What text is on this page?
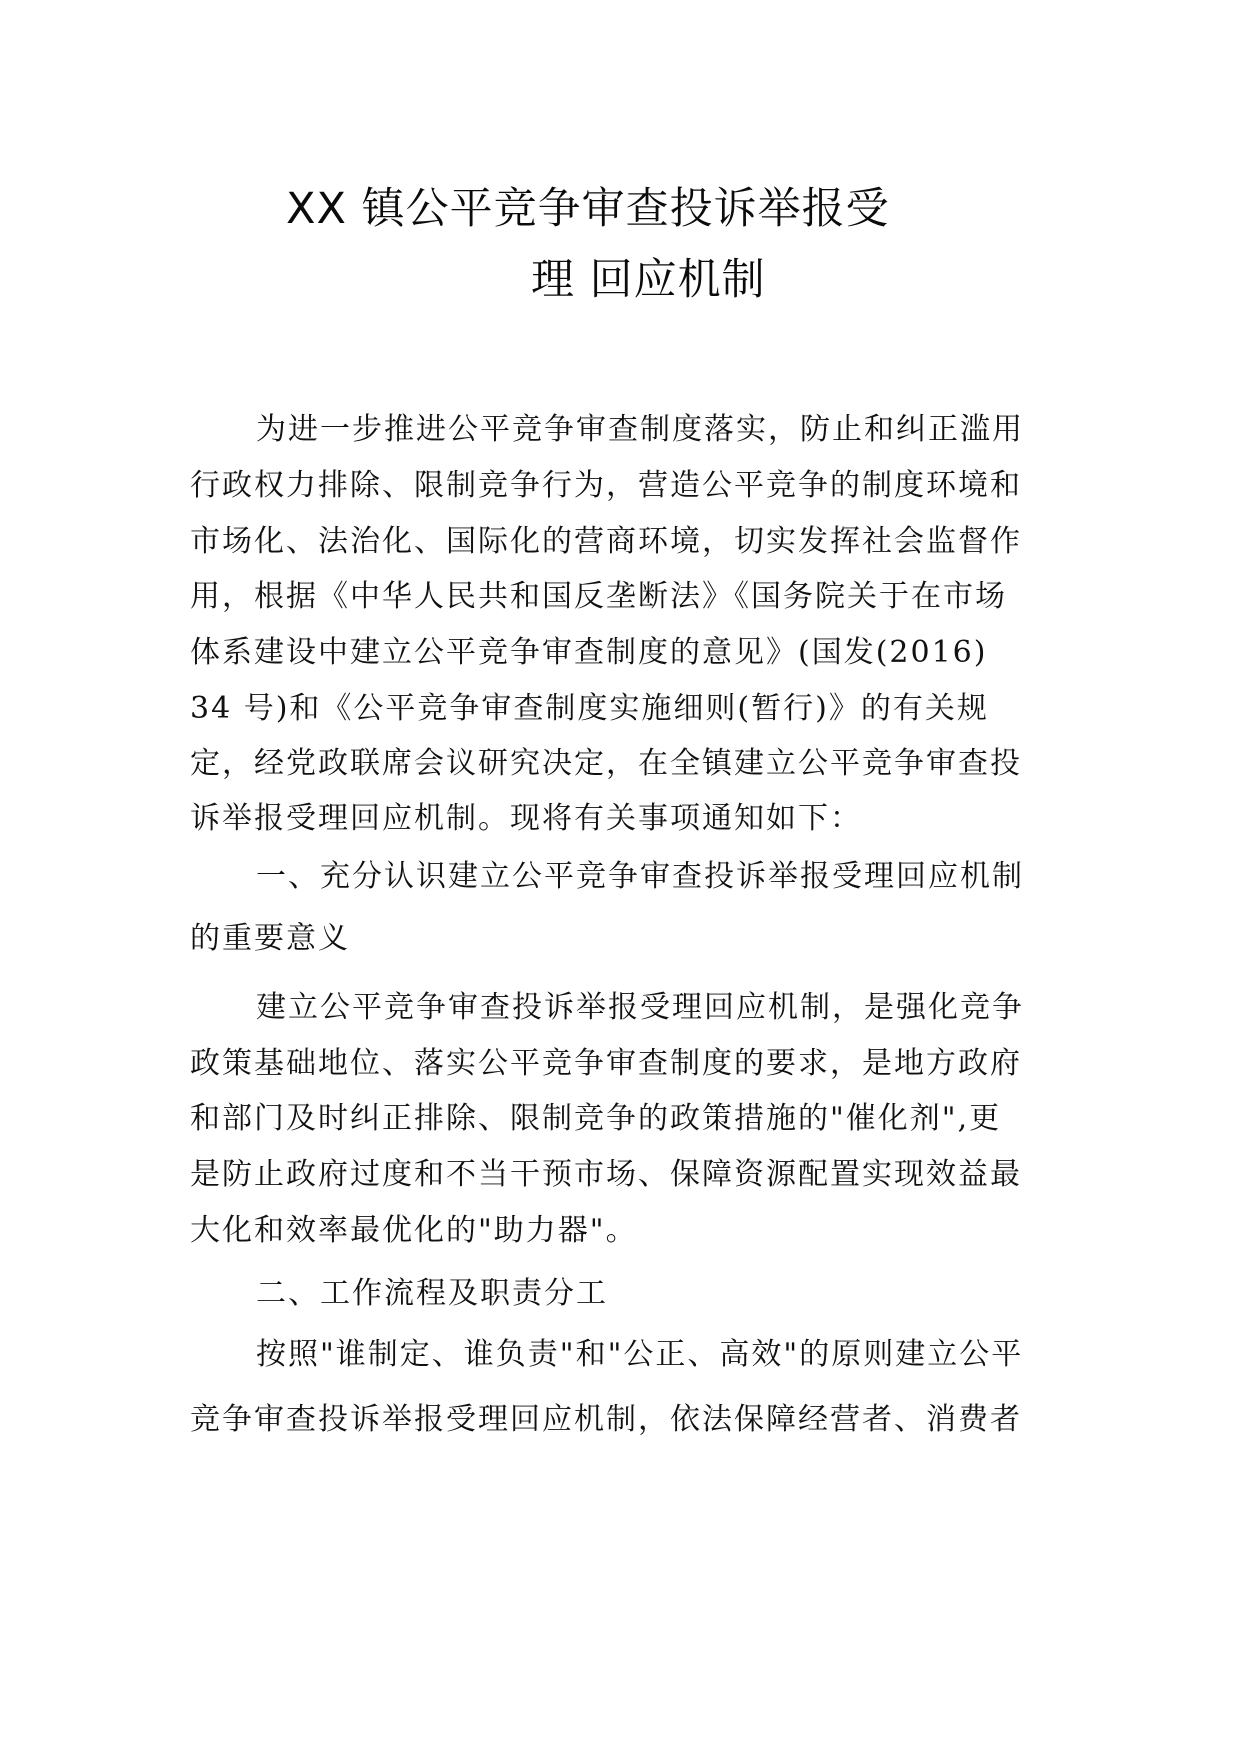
XX 镇公平竞争审查投诉举报受
理 回应机制
为进一步推进公平竞争审查制度落实，防止和纠正滥用
行政权力排除、限制竞争行为，营造公平竞争的制度环境和
市场化、法治化、国际化的营商环境，切实发挥社会监督作
用，根据《中华人民共和国反垄断法》《国务院关于在市场
体系建设中建立公平竞争审查制度的意见》(国发(2016)
34 号)和《公平竞争审查制度实施细则(暂行)》的有关规
定，经党政联席会议研究决定，在全镇建立公平竞争审查投
诉举报受理回应机制。现将有关事项通知如下：
一、充分认识建立公平竞争审查投诉举报受理回应机制
的重要意义
建立公平竞争审查投诉举报受理回应机制，是强化竞争
政策基础地位、落实公平竞争审查制度的要求，是地方政府
和部门及时纠正排除、限制竞争的政策措施的"催化剂",更
是防止政府过度和不当干预市场、保障资源配置实现效益最
大化和效率最优化的"助力器"。
二、工作流程及职责分工
按照"谁制定、谁负责"和"公正、高效"的原则建立公平
竞争审查投诉举报受理回应机制，依法保障经营者、消费者
